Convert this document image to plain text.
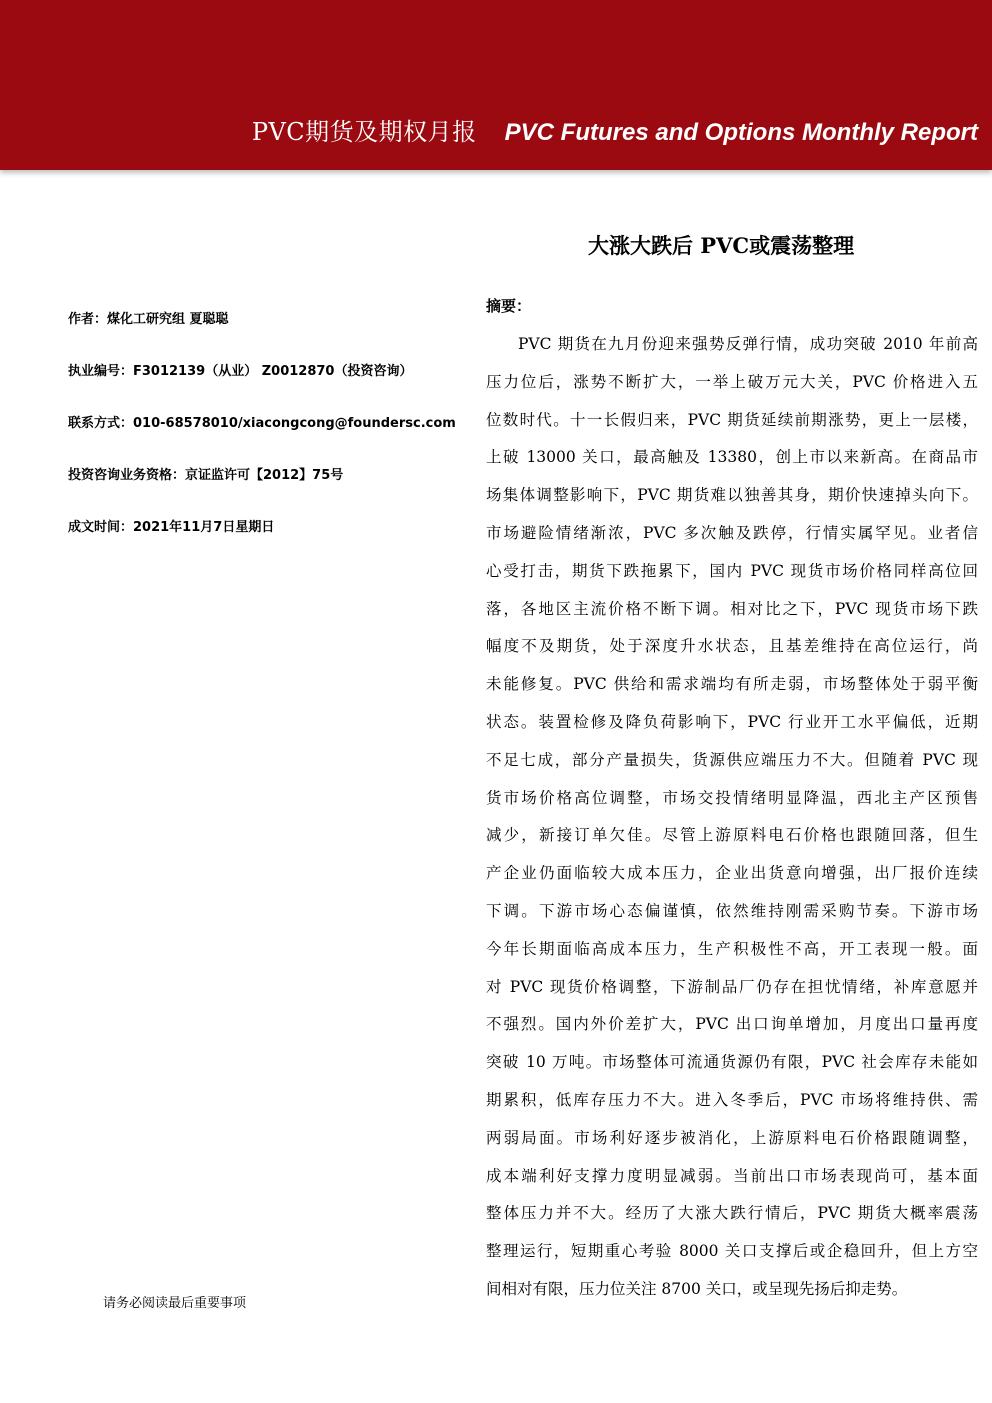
PVC期货及期权月报 PVC Futures and Options Monthly Report
大涨大跌后 PVC或震荡整理
作者：煤化工研究组 夏聪聪
执业编号：F3012139（从业） Z0012870（投资咨询）
联系方式：010-68578010/xiacongcong@foundersc.com
投资咨询业务资格：京证监许可【2012】75号
成文时间：2021年11月7日星期日
请务必阅读最后重要事项
摘要：
PVC 期货在九月份迎来强势反弹行情，成功突破 2010 年前高
压力位后，涨势不断扩大，一举上破万元大关，PVC 价格进入五
位数时代。十一长假归来，PVC 期货延续前期涨势，更上一层楼，
上破 13000 关口，最高触及 13380，创上市以来新高。在商品市
场集体调整影响下，PVC 期货难以独善其身，期价快速掉头向下。
市场避险情绪渐浓，PVC 多次触及跌停，行情实属罕见。业者信
心受打击，期货下跌拖累下，国内 PVC 现货市场价格同样高位回
落，各地区主流价格不断下调。相对比之下，PVC 现货市场下跌
幅度不及期货，处于深度升水状态，且基差维持在高位运行，尚
未能修复。PVC 供给和需求端均有所走弱，市场整体处于弱平衡
状态。装置检修及降负荷影响下，PVC 行业开工水平偏低，近期
不足七成，部分产量损失，货源供应端压力不大。但随着 PVC 现
货市场价格高位调整，市场交投情绪明显降温，西北主产区预售
减少，新接订单欠佳。尽管上游原料电石价格也跟随回落，但生
产企业仍面临较大成本压力，企业出货意向增强，出厂报价连续
下调。下游市场心态偏谨慎，依然维持刚需采购节奏。下游市场
今年长期面临高成本压力，生产积极性不高，开工表现一般。面
对 PVC 现货价格调整，下游制品厂仍存在担忧情绪，补库意愿并
不强烈。国内外价差扩大，PVC 出口询单增加，月度出口量再度
突破 10 万吨。市场整体可流通货源仍有限，PVC 社会库存未能如
期累积，低库存压力不大。进入冬季后，PVC 市场将维持供、需
两弱局面。市场利好逐步被消化，上游原料电石价格跟随调整，
成本端利好支撑力度明显减弱。当前出口市场表现尚可，基本面
整体压力并不大。经历了大涨大跌行情后，PVC 期货大概率震荡
整理运行，短期重心考验 8000 关口支撑后或企稳回升，但上方空
间相对有限，压力位关注 8700 关口，或呈现先扬后抑走势。
